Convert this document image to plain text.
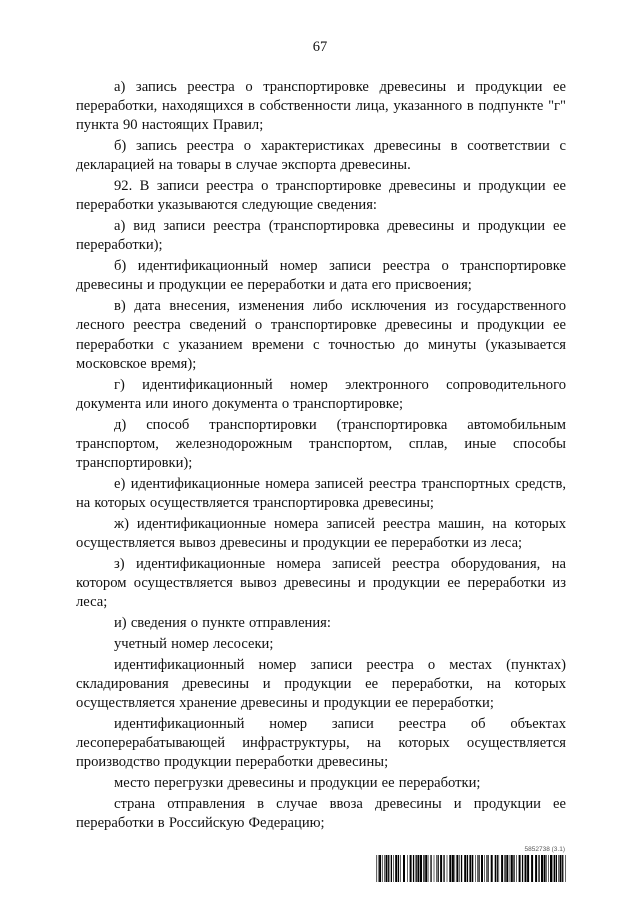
67

а) запись реестра о транспортировке древесины и продукции ее переработки, находящихся в собственности лица, указанного в подпункте "г" пункта 90 настоящих Правил;

б) запись реестра о характеристиках древесины в соответствии с декларацией на товары в случае экспорта древесины.

92. В записи реестра о транспортировке древесины и продукции ее переработки указываются следующие сведения:

а) вид записи реестра (транспортировка древесины и продукции ее переработки);

б) идентификационный номер записи реестра о транспортировке древесины и продукции ее переработки и дата его присвоения;

в) дата внесения, изменения либо исключения из государственного лесного реестра сведений о транспортировке древесины и продукции ее переработки с указанием времени с точностью до минуты (указывается московское время);

г) идентификационный номер электронного сопроводительного документа или иного документа о транспортировке;

д) способ транспортировки (транспортировка автомобильным транспортом, железнодорожным транспортом, сплав, иные способы транспортировки);

е) идентификационные номера записей реестра транспортных средств, на которых осуществляется транспортировка древесины;

ж) идентификационные номера записей реестра машин, на которых осуществляется вывоз древесины и продукции ее переработки из леса;

з) идентификационные номера записей реестра оборудования, на котором осуществляется вывоз древесины и продукции ее переработки из леса;

и) сведения о пункте отправления:

учетный номер лесосеки;

идентификационный номер записи реестра о местах (пунктах) складирования древесины и продукции ее переработки, на которых осуществляется хранение древесины и продукции ее переработки;

идентификационный номер записи реестра об объектах лесоперерабатывающей инфраструктуры, на которых осуществляется производство продукции переработки древесины;

место перегрузки древесины и продукции ее переработки;

страна отправления в случае ввоза древесины и продукции ее переработки в Российскую Федерацию;

5852738 (3.1)
